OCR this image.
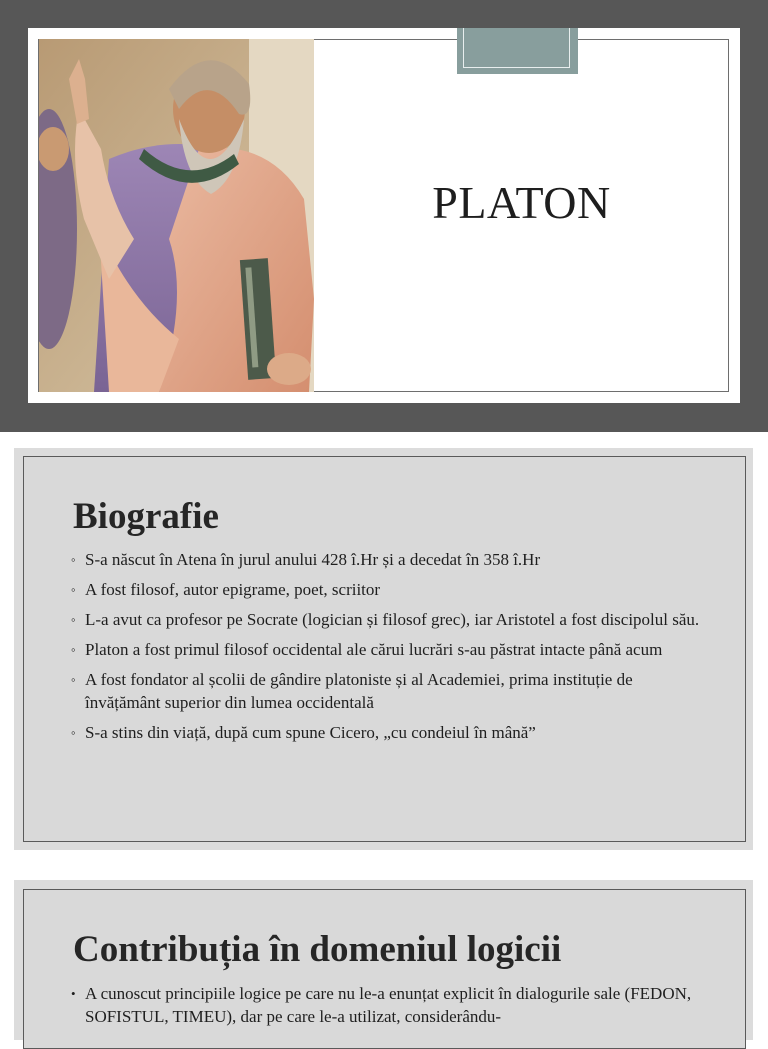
PLATON
Biografie
◦ S-a născut în Atena în jurul anului 428 î.Hr și a decedat în 358 î.Hr
◦ A fost filosof, autor epigrame, poet, scriitor
◦ L-a avut ca profesor pe Socrate (logician și filosof grec), iar Aristotel a fost discipolul său.
◦ Platon a fost primul filosof occidental ale cărui lucrări s-au păstrat intacte până acum
◦ A fost fondator al școlii de gândire platoniste și al Academiei, prima instituție de învățământ superior din lumea occidentală
◦ S-a stins din viață, după cum spune Cicero, „cu condeiul în mână”
Contribuția în domeniul logicii
• A cunoscut principiile logice pe care nu le-a enunțat explicit în dialogurile sale (FEDON, SOFISTUL, TIMEU), dar pe care le-a utilizat, considerându-
